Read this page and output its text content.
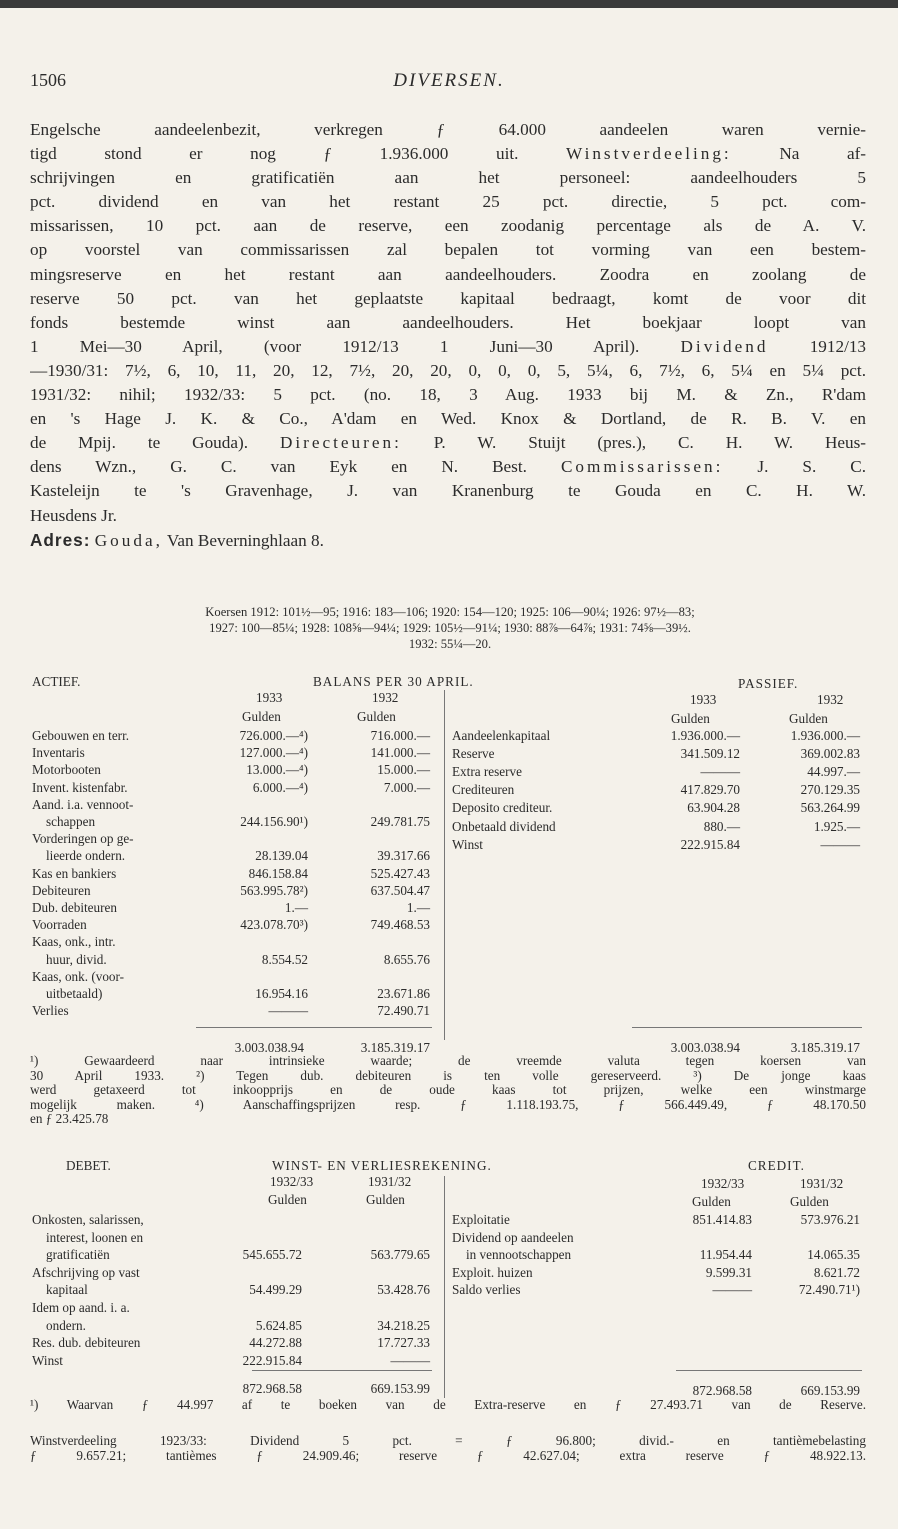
1506	DIVERSEN.
Engelsche aandeelenbezit, verkregen ƒ 64.000 aandeelen waren vernie-
tigd stond er nog ƒ 1.936.000 uit.	Winstverdeeling:	Na af-
schrijvingen en gratificatiën aan het personeel: aandeelhouders 5
pct. dividend en van het restant 25 pct. directie, 5 pct. com-
missarissen, 10 pct. aan de reserve, een zoodanig percentage als de A. V.
op voorstel van commissarissen zal bepalen tot vorming van een bestem-
mingsreserve en het restant aan aandeelhouders. Zoodra en zoolang de
reserve 50 pct. van het geplaatste kapitaal bedraagt, komt de voor dit
fonds bestemde winst aan aandeelhouders. Het boekjaar loopt van
1 Mei—30 April, (voor 1912/13 1 Juni—30 April). Dividend 1912/13
—1930/31: 7½, 6, 10, 11, 20, 12, 7½, 20, 20, 0, 0, 0, 5, 5¼, 6, 7½, 6, 5¼ en 5¼ pct.
1931/32: nihil; 1932/33: 5 pct. (no. 18, 3 Aug. 1933 bij M. & Zn., R'dam
en 's Hage J. K. & Co., A'dam en Wed. Knox & Dortland, de R. B. V. en
de Mpij. te Gouda). Directeuren: P. W. Stuijt (pres.), C. H. W. Heus-
dens Wzn., G. C. van Eyk en N. Best. Commissarissen: J. S. C.
Kasteleijn te 's Gravenhage, J. van Kranenburg te Gouda en C. H. W.
Heusdens Jr.
Adres: Gouda, Van Beverninghlaan 8.
Koersen 1912: 101½—95; 1916: 183—106; 1920: 154—120; 1925: 106—90¼; 1926: 97½—83;
1927: 100—85¼; 1928: 108⅝—94¼; 1929: 105½—91¼; 1930: 88⅞—64⅞; 1931: 74⅝—39½.
1932: 55¼—20.
ACTIEF.	BALANS PER 30 APRIL.	PASSIEF.
1933	1932	1933	1932
Gulden	Gulden	Gulden	Gulden
Gebouwen en terr.	726.000.—⁴)	716.000.—
Inventaris	127.000.—⁴)	141.000.—
Motorbooten	13.000.—⁴)	15.000.—
Invent. kistenfabr.	6.000.—⁴)	7.000.—
Aand. i.a. vennoot-
schappen	244.156.90¹)	249.781.75
Vorderingen op ge-
lieerde ondern.	28.139.04	39.317.66
Kas en bankiers	846.158.84	525.427.43
Debiteuren	563.995.78²)	637.504.47
Dub. debiteuren	1.—	1.—
Voorraden	423.078.70³)	749.468.53
Kaas, onk., intr.
huur, divid.	8.554.52	8.655.76
Kaas, onk. (voor-
uitbetaald)	16.954.16	23.671.86
Verlies	———	72.490.71
Aandeelenkapitaal	1.936.000.—	1.936.000.—
Reserve	341.509.12	369.002.83
Extra reserve	———	44.997.—
Crediteuren	417.829.70	270.129.35
Deposito crediteur.	63.904.28	563.264.99
Onbetaald dividend	880.—	1.925.—
Winst	222.915.84	———
3.003.038.94	3.185.319.17	3.003.038.94	3.185.319.17
¹) Gewaardeerd naar intrinsieke waarde; de vreemde valuta tegen koersen van
30 April 1933. ²) Tegen dub. debiteuren is ten volle gereserveerd. ³) De jonge kaas
werd getaxeerd tot inkoopprijs en de oude kaas tot prijzen, welke een winstmarge
mogelijk maken. ⁴) Aanschaffingsprijzen resp. ƒ 1.118.193.75, ƒ 566.449.49, ƒ 48.170.50
en ƒ 23.425.78
DEBET.	WINST- EN VERLIESREKENING.	CREDIT.
1932/33	1931/32	1932/33	1931/32
Gulden	Gulden	Gulden	Gulden
Onkosten, salarissen,
interest, loonen en
gratificatiën	545.655.72	563.779.65
Afschrijving op vast
kapitaal	54.499.29	53.428.76
Idem op aand. i. a.
ondern.	5.624.85	34.218.25
Res. dub. debiteuren	44.272.88	17.727.33
Winst	222.915.84	———
Exploitatie	851.414.83	573.976.21
Dividend op aandeelen
in vennootschappen	11.954.44	14.065.35
Exploit. huizen	9.599.31	8.621.72
Saldo verlies	———	72.490.71¹)
872.968.58	669.153.99	872.968.58	669.153.99
¹) Waarvan ƒ 44.997 af te boeken van de Extra-reserve en ƒ 27.493.71 van de Reserve.
Winstverdeeling 1923/33: Dividend 5 pct. = ƒ 96.800; divid.- en tantièmebelasting
ƒ 9.657.21; tantièmes ƒ 24.909.46; reserve ƒ 42.627.04; extra reserve ƒ 48.922.13.
